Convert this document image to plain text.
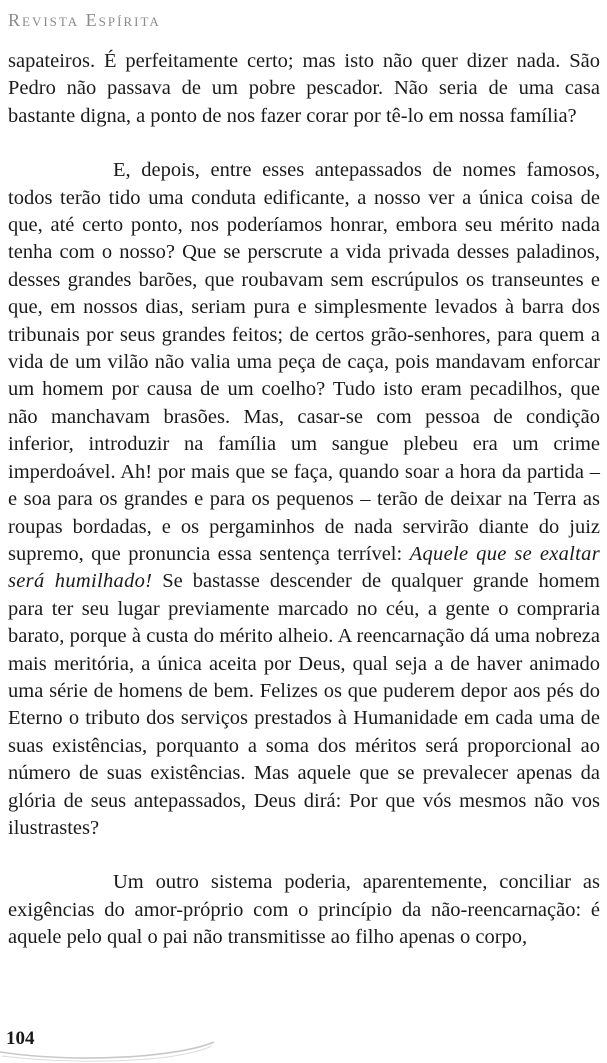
Revista Espírita

sapateiros. É perfeitamente certo; mas isto não quer dizer nada. São Pedro não passava de um pobre pescador. Não seria de uma casa bastante digna, a ponto de nos fazer corar por tê-lo em nossa família?

E, depois, entre esses antepassados de nomes famosos, todos terão tido uma conduta edificante, a nosso ver a única coisa de que, até certo ponto, nos poderíamos honrar, embora seu mérito nada tenha com o nosso? Que se perscrute a vida privada desses paladinos, desses grandes barões, que roubavam sem escrúpulos os transeuntes e que, em nossos dias, seriam pura e simplesmente levados à barra dos tribunais por seus grandes feitos; de certos grão-senhores, para quem a vida de um vilão não valia uma peça de caça, pois mandavam enforcar um homem por causa de um coelho? Tudo isto eram pecadilhos, que não manchavam brasões. Mas, casar-se com pessoa de condição inferior, introduzir na família um sangue plebeu era um crime imperdoável. Ah! por mais que se faça, quando soar a hora da partida – e soa para os grandes e para os pequenos – terão de deixar na Terra as roupas bordadas, e os pergaminhos de nada servirão diante do juiz supremo, que pronuncia essa sentença terrível: Aquele que se exaltar será humilhado! Se bastasse descender de qualquer grande homem para ter seu lugar previamente marcado no céu, a gente o compraria barato, porque à custa do mérito alheio. A reencarnação dá uma nobreza mais meritória, a única aceita por Deus, qual seja a de haver animado uma série de homens de bem. Felizes os que puderem depor aos pés do Eterno o tributo dos serviços prestados à Humanidade em cada uma de suas existências, porquanto a soma dos méritos será proporcional ao número de suas existências. Mas aquele que se prevalecer apenas da glória de seus antepassados, Deus dirá: Por que vós mesmos não vos ilustrastes?

Um outro sistema poderia, aparentemente, conciliar as exigências do amor-próprio com o princípio da não-reencarnação: é aquele pelo qual o pai não transmitisse ao filho apenas o corpo,

104
